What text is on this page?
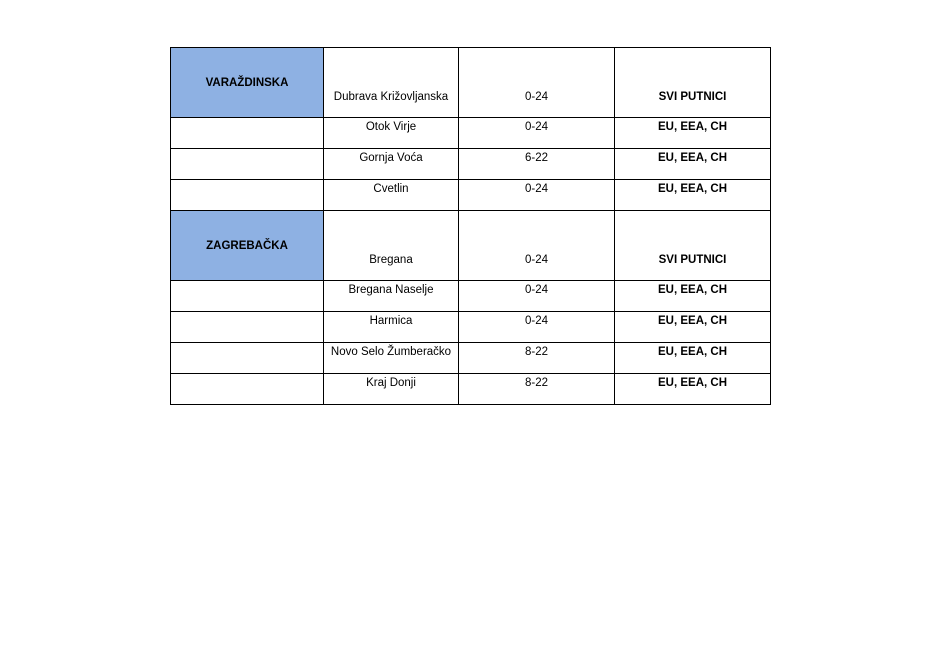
VARAŽDINSKA	Dubrava Križovljanska	0-24	SVI PUTNICI
	Otok Virje	0-24	EU, EEA, CH
	Gornja Voća	6-22	EU, EEA, CH
	Cvetlin	0-24	EU, EEA, CH
ZAGREBAČKA	Bregana	0-24	SVI PUTNICI
	Bregana Naselje	0-24	EU, EEA, CH
	Harmica	0-24	EU, EEA, CH
	Novo Selo Žumberačko	8-22	EU, EEA, CH
	Kraj Donji	8-22	EU, EEA, CH
